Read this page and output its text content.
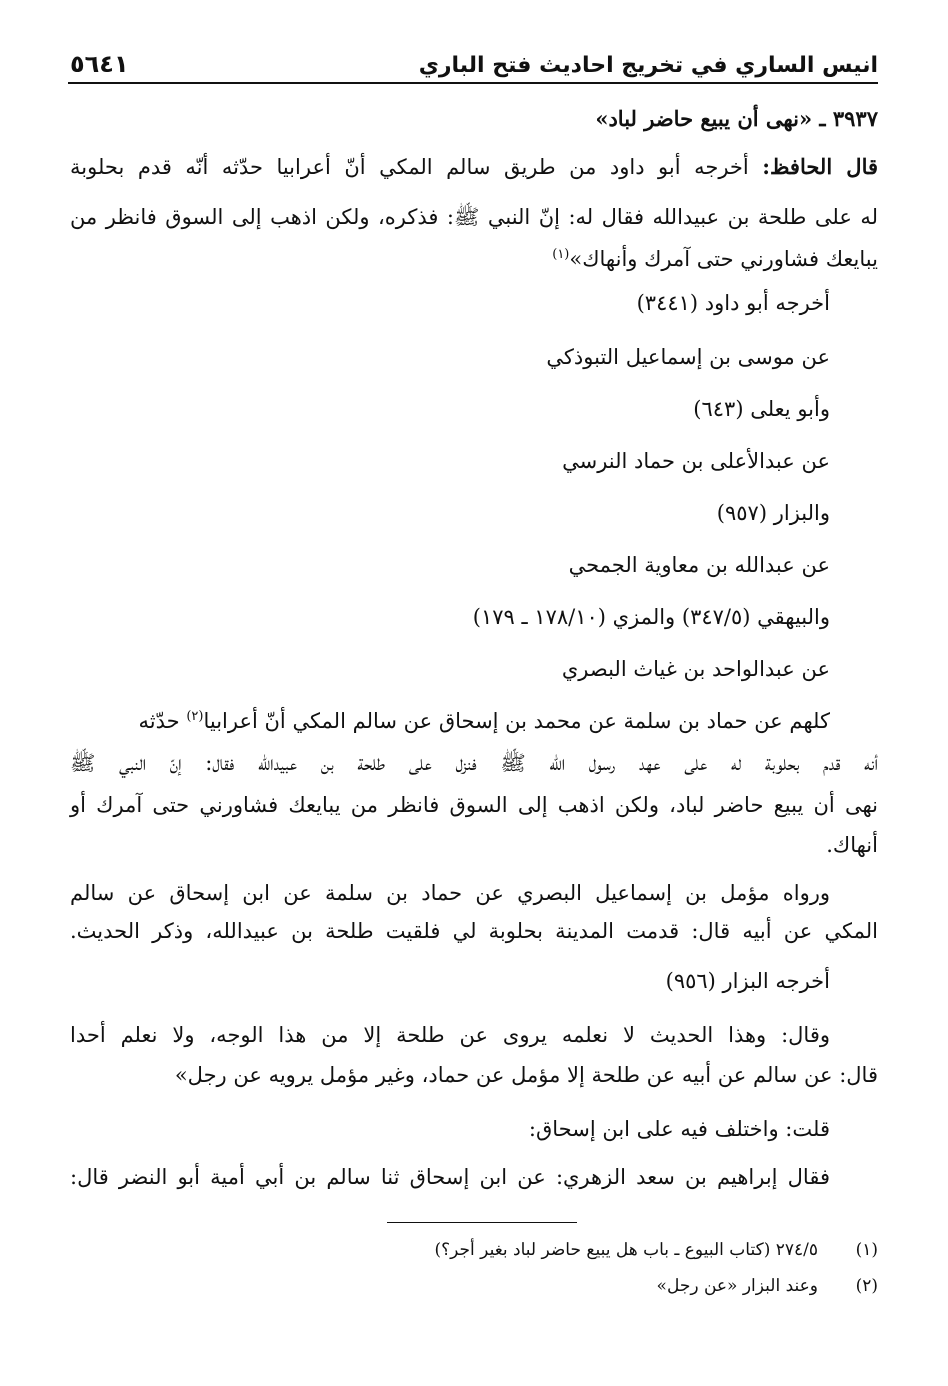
انيس الساري في تخريج احاديث فتح الباري
٥٦٤١
٣٩٣٧ ـ «نهى أن يبيع حاضر لباد»
قال الحافظ: أخرجه أبو داود من طريق سالم المكي أنّ أعرابيا حدّثه أنّه قدم بحلوبة
له على طلحة بن عبيدالله فقال له: إنّ النبي ﷺ: فذكره، ولكن اذهب إلى السوق فانظر من
يبايعك فشاورني حتى آمرك وأنهاك»$^{(١)}$
أخرجه أبو داود (٣٤٤١)
عن موسى بن إسماعيل التبوذكي
وأبو يعلى (٦٤٣)
عن عبدالأعلى بن حماد النرسي
والبزار (٩٥٧)
عن عبدالله بن معاوية الجمحي
والبيهقي (٣٤٧/٥) والمزي (١٧٨/١٠ ـ ١٧٩)
عن عبدالواحد بن غياث البصري
كلهم عن حماد بن سلمة عن محمد بن إسحاق عن سالم المكي أنّ أعرابيا$^{(٢)}$ حدّثه
أنه قدم بحلوبة له على عهد رسول الله ﷺ فنزل على طلحة بن عبيدالله فقال: إنّ النبي ﷺ
نهى أن يبيع حاضر لباد، ولكن اذهب إلى السوق فانظر من يبايعك فشاورني حتى آمرك أو
أنهاك.
ورواه مؤمل بن إسماعيل البصري عن حماد بن سلمة عن ابن إسحاق عن سالم
المكي عن أبيه قال: قدمت المدينة بحلوبة لي فلقيت طلحة بن عبيدالله، وذكر الحديث.
أخرجه البزار (٩٥٦)
وقال: وهذا الحديث لا نعلمه يروى عن طلحة إلا من هذا الوجه، ولا نعلم أحدا
قال: عن سالم عن أبيه عن طلحة إلا مؤمل عن حماد، وغير مؤمل يرويه عن رجل»
قلت: واختلف فيه على ابن إسحاق:
فقال إبراهيم بن سعد الزهري: عن ابن إسحاق ثنا سالم بن أبي أمية أبو النضر قال:
(١)٢٧٤/٥ (كتاب البيوع ـ باب هل يبيع حاضر لباد بغير أجر؟)
(٢)وعند البزار «عن رجل»
